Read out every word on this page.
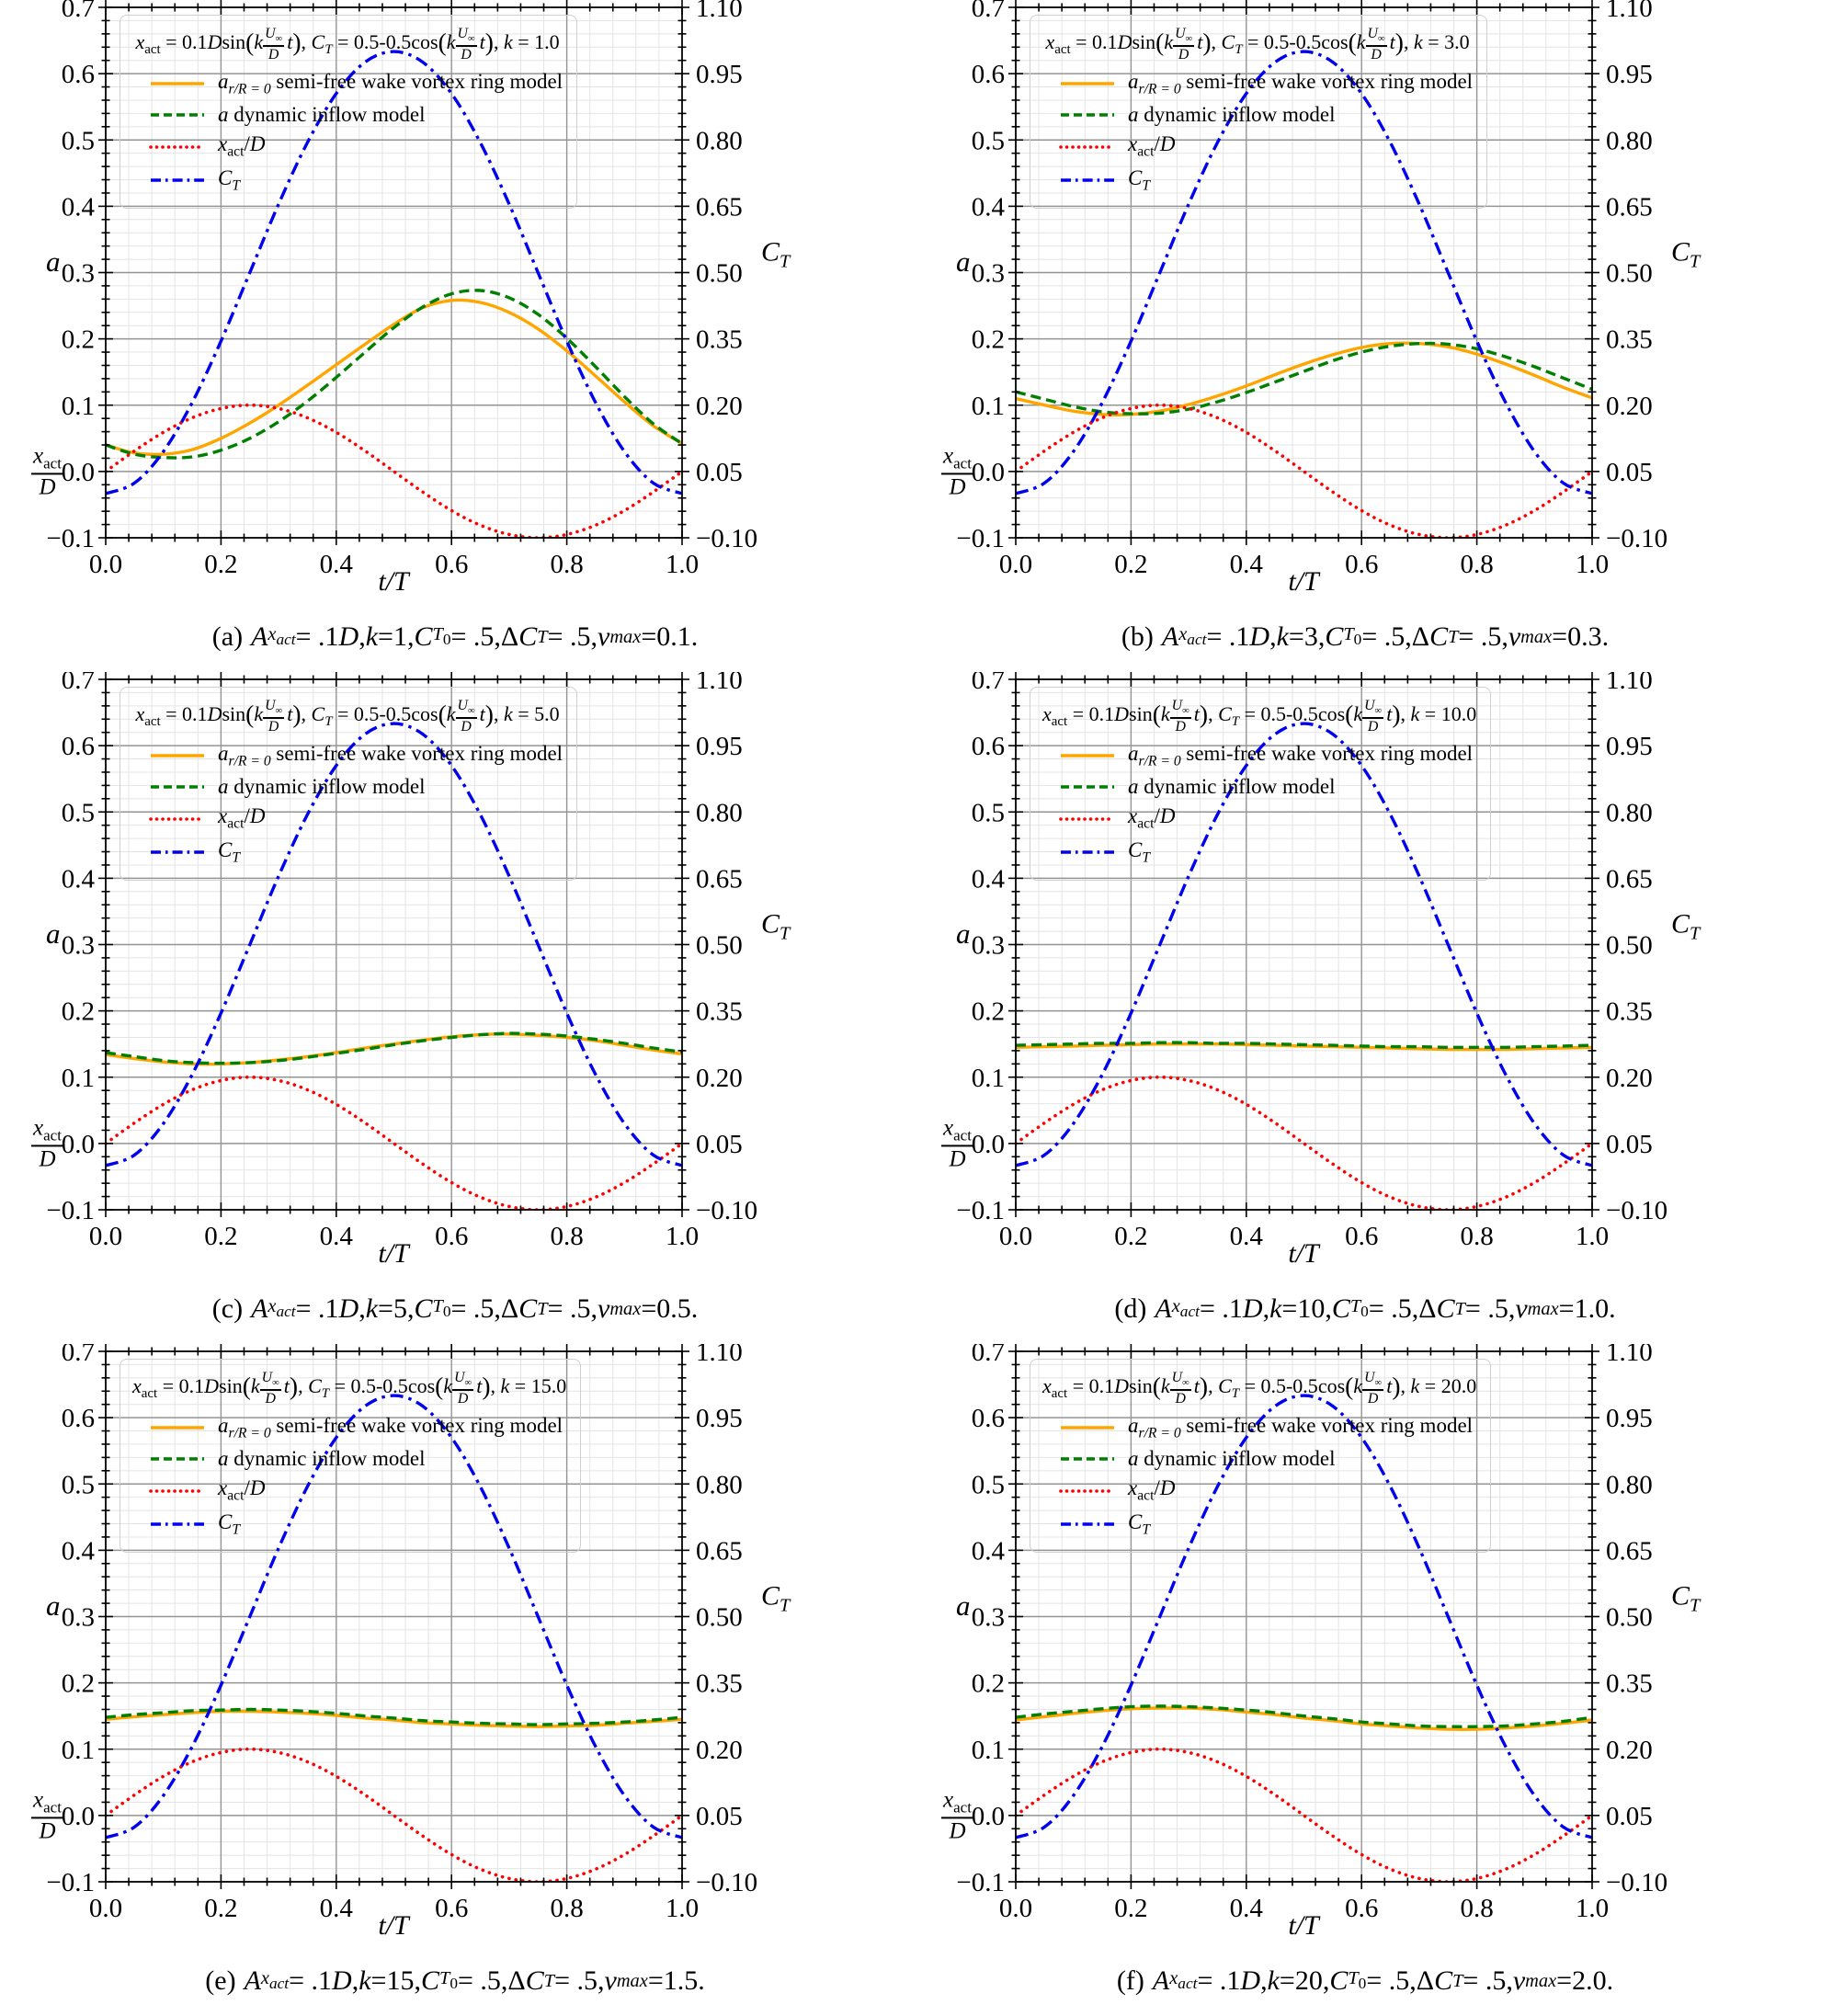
0.0	0.2	0.4	0.6	0.8	1.0
0.7
0.6
0.5
0.4
0.3
0.2
0.1
0.0
−0.1
1.10
0.95
0.80
0.65
0.50
0.35
0.20
0.05
−0.10
a
$\frac{x_{act}}{D}$
$C_T$
t/T
$x_{act} = 0.1Dsin(k \frac{U_\infty}{D} t)$, $C_T = 0.5-0.5\cos(k \frac{U_\infty}{D} t)$, k = 1.0
$a_{r/R = 0}$ semi-free wake vortex ring model
a dynamic inflow model
$x_{act}/D$
$C_T$
(a) A $x_{act} = .1$ D , k = 1 , C $T_0 = .5$ , Δ C T = .5 , v max = 0.1 .
0.0	0.2	0.4	0.6	0.8	1.0
0.7
0.6
0.5
0.4
0.3
0.2
0.1
0.0
−0.1
1.10
0.95
0.80
0.65
0.50
0.35
0.20
0.05
−0.10
a
$\frac{x_{act}}{D}$
$C_T$
t/T
$x_{act} = 0.1Dsin(k \frac{U_\infty}{D} t)$, $C_T = 0.5-0.5\cos(k \frac{U_\infty}{D} t)$, k = 3.0
$a_{r/R = 0}$ semi-free wake vortex ring model
a dynamic inflow model
$x_{act}/D$
$C_T$
(b) A $x_{act} = .1$ D , k = 3 , C $T_0 = .5$ , Δ C T = .5 , v max = 0.3 .
0.0	0.2	0.4	0.6	0.8	1.0
0.7
0.6
0.5
0.4
0.3
0.2
0.1
0.0
−0.1
1.10
0.95
0.80
0.65
0.50
0.35
0.20
0.05
−0.10
a
$\frac{x_{act}}{D}$
$C_T$
t/T
$x_{act} = 0.1Dsin(k \frac{U_\infty}{D} t)$, $C_T = 0.5-0.5\cos(k \frac{U_\infty}{D} t)$, k = 5.0
$a_{r/R = 0}$ semi-free wake vortex ring model
a dynamic inflow model
$x_{act}/D$
$C_T$
(c) A $x_{act} = .1$ D , k = 5 , C $T_0 = .5$ , Δ C T = .5 , v max = 0.5 .
0.0	0.2	0.4	0.6	0.8	1.0
0.7
0.6
0.5
0.4
0.3
0.2
0.1
0.0
−0.1
1.10
0.95
0.80
0.65
0.50
0.35
0.20
0.05
−0.10
a
$\frac{x_{act}}{D}$
$C_T$
t/T
$x_{act} = 0.1Dsin(k \frac{U_\infty}{D} t)$, $C_T = 0.5-0.5\cos(k \frac{U_\infty}{D} t)$, k = 10.0
$a_{r/R = 0}$ semi-free wake vortex ring model
a dynamic inflow model
$x_{act}/D$
$C_T$
(d) A $x_{act} = .1$ D , k = 10 , C $T_0 = .5$ , Δ C T = .5 , v max = 1.0 .
0.0	0.2	0.4	0.6	0.8	1.0
0.7
0.6
0.5
0.4
0.3
0.2
0.1
0.0
−0.1
1.10
0.95
0.80
0.65
0.50
0.35
0.20
0.05
−0.10
a
$\frac{x_{act}}{D}$
$C_T$
t/T
$x_{act} = 0.1Dsin(k \frac{U_\infty}{D} t)$, $C_T = 0.5-0.5\cos(k \frac{U_\infty}{D} t)$, k = 15.0
$a_{r/R = 0}$ semi-free wake vortex ring model
a dynamic inflow model
$x_{act}/D$
$C_T$
(e) A $x_{act} = .1$ D , k = 15 , C $T_0 = .5$ , Δ C T = .5 , v max = 1.5 .
0.0	0.2	0.4	0.6	0.8	1.0
0.7
0.6
0.5
0.4
0.3
0.2
0.1
0.0
−0.1
1.10
0.95
0.80
0.65
0.50
0.35
0.20
0.05
−0.10
a
$\frac{x_{act}}{D}$
$C_T$
t/T
$x_{act} = 0.1Dsin(k \frac{U_\infty}{D} t)$, $C_T = 0.5-0.5\cos(k \frac{U_\infty}{D} t)$, k = 20.0
$a_{r/R = 0}$ semi-free wake vortex ring model
a dynamic inflow model
$x_{act}/D$
$C_T$
(f) A $x_{act} = .1$ D , k = 20 , C $T_0 = .5$ , Δ C T = .5 , v max = 2.0 .
